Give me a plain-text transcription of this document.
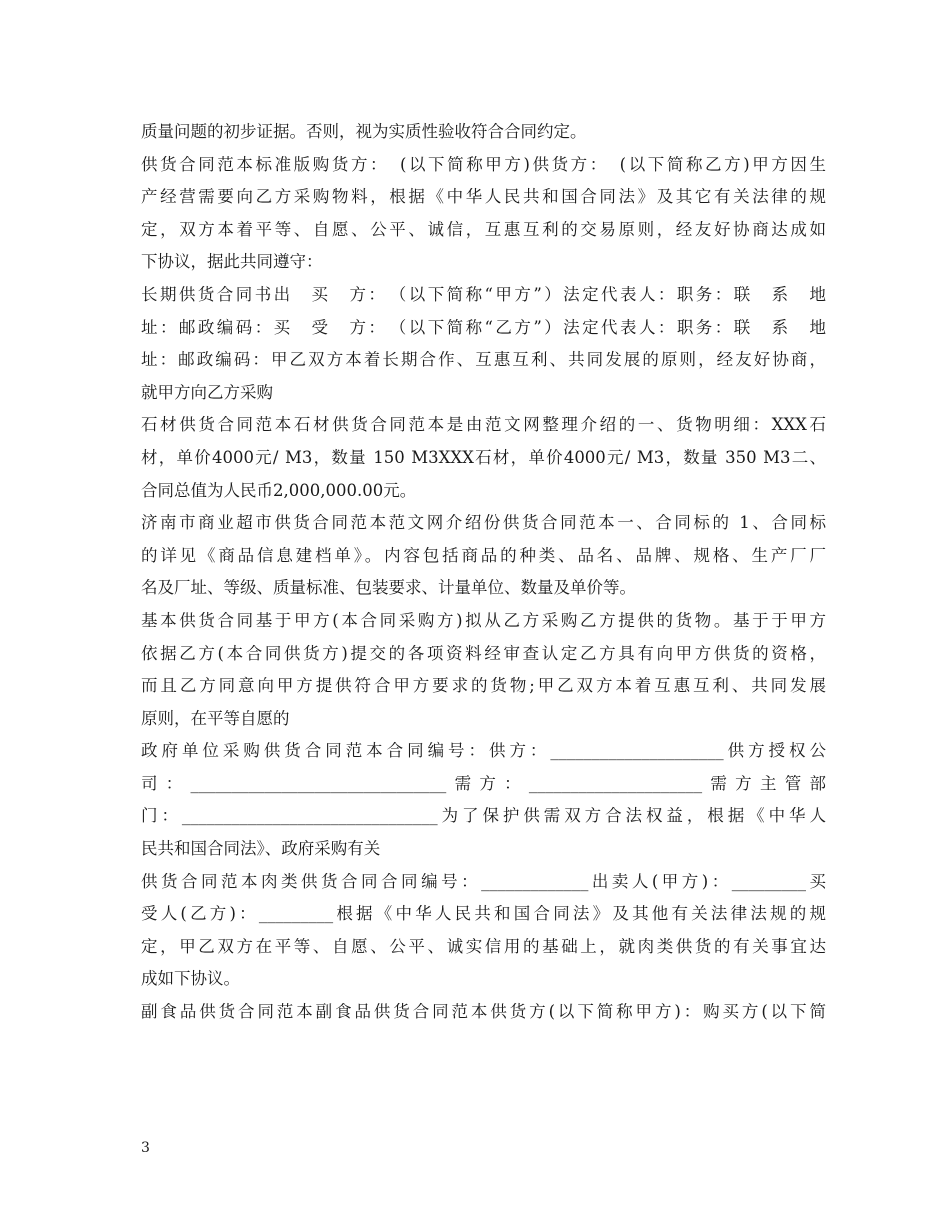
质量问题的初步证据。否则，视为实质性验收符合合同约定。
供货合同范本标准版购货方：　(以下简称甲方)供货方：　(以下简称乙方)甲方因生
产经营需要向乙方采购物料，根据《中华人民共和国合同法》及其它有关法律的规
定，双方本着平等、自愿、公平、诚信，互惠互利的交易原则，经友好协商达成如
下协议，据此共同遵守：
长期供货合同书出　买　方：　（以下简称“甲方”）法定代表人：职务：联　系　地
址：邮政编码：买　受　方：　（以下简称“乙方”）法定代表人：职务：联　系　地
址：邮政编码：甲乙双方本着长期合作、互惠互利、共同发展的原则，经友好协商，
就甲方向乙方采购
石材供货合同范本石材供货合同范本是由范文网整理介绍的一、货物明细：XXX石
材，单价4000元/ M3，数量 150 M3XXX石材，单价4000元/ M3，数量 350 M3二、
合同总值为人民币2,000,000.00元。
济南市商业超市供货合同范本范文网介绍份供货合同范本一、合同标的 1、合同标
的详见《商品信息建档单》。内容包括商品的种类、品名、品牌、规格、生产厂厂
名及厂址、等级、质量标准、包装要求、计量单位、数量及单价等。
基本供货合同基于甲方(本合同采购方)拟从乙方采购乙方提供的货物。基于于甲方
依据乙方(本合同供货方)提交的各项资料经审查认定乙方具有向甲方供货的资格，
而且乙方同意向甲方提供符合甲方要求的货物;甲乙双方本着互惠互利、共同发展
原则，在平等自愿的
政府单位采购供货合同范本合同编号：供方：_____________________供方授权公
司：_______________________________需方：_____________________需方主管部
门：_______________________________为了保护供需双方合法权益，根据《中华人
民共和国合同法》、政府采购有关
供货合同范本肉类供货合同合同编号：_____________出卖人(甲方)：_________买
受人(乙方)：_________根据《中华人民共和国合同法》及其他有关法律法规的规
定，甲乙双方在平等、自愿、公平、诚实信用的基础上，就肉类供货的有关事宜达
成如下协议。
副食品供货合同范本副食品供货合同范本供货方(以下简称甲方)：购买方(以下简
3
